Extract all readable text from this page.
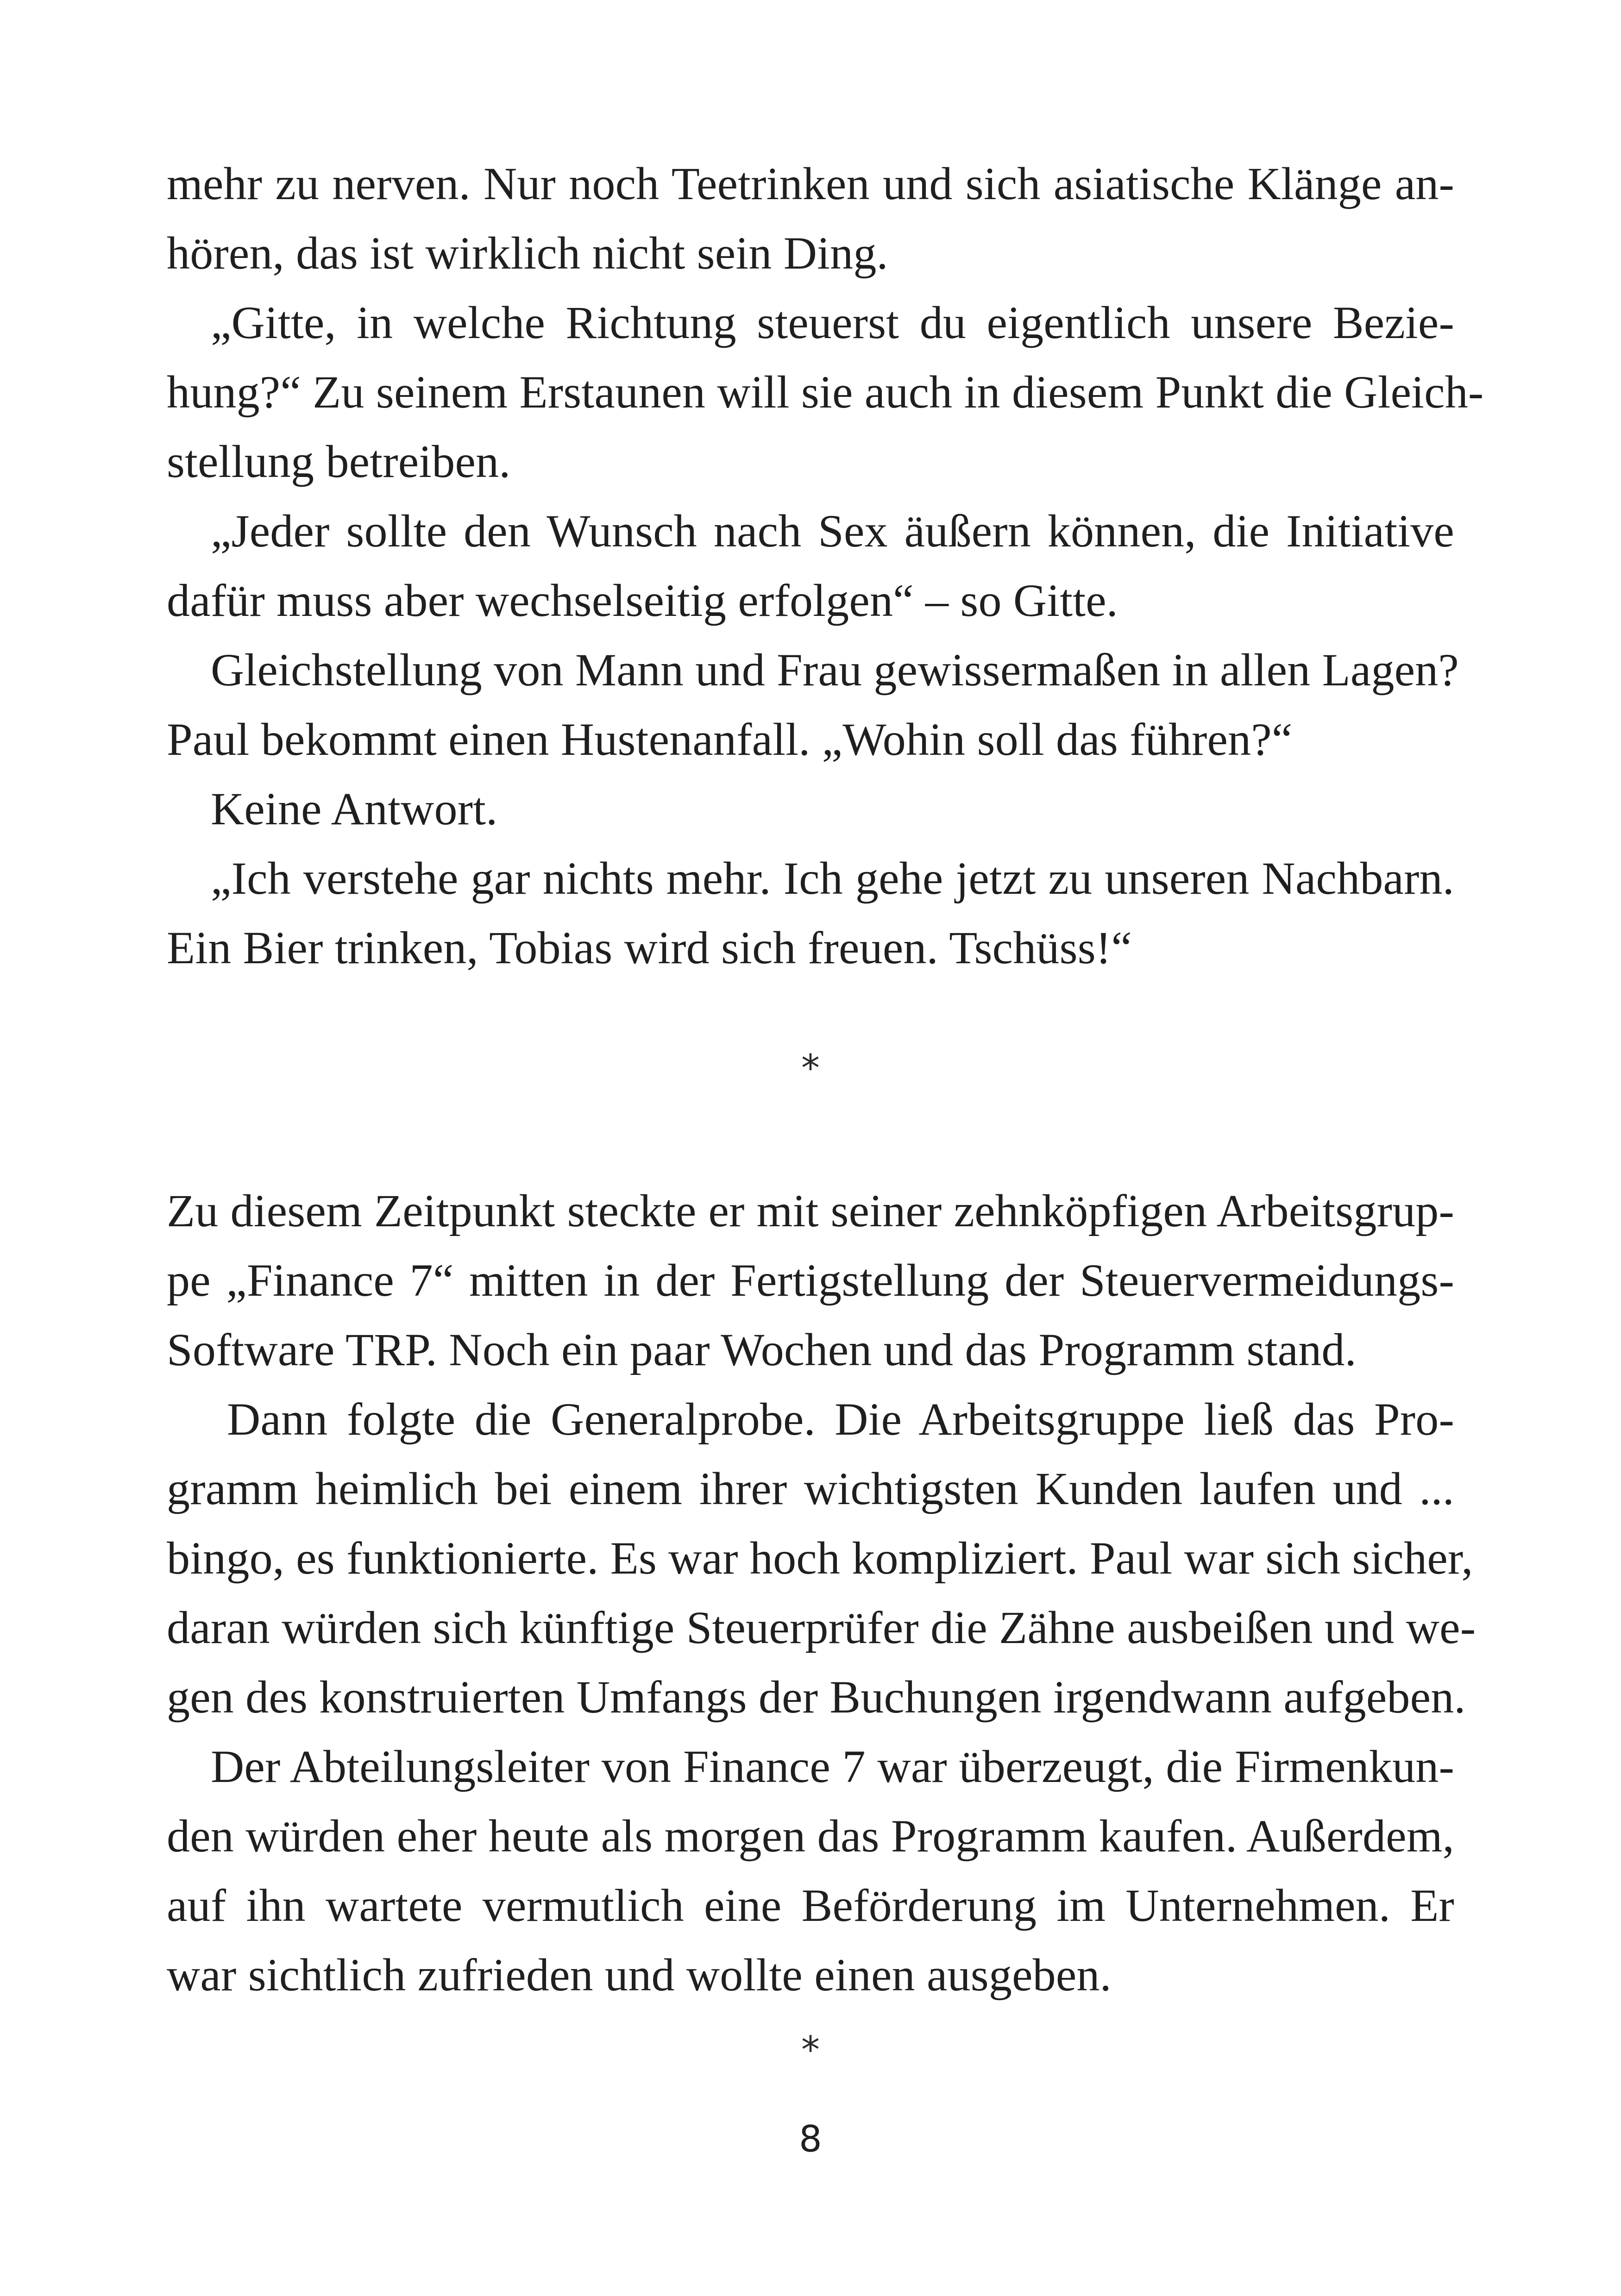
mehr zu nerven. Nur noch Teetrinken und sich asiatische Klänge an-
hören, das ist wirklich nicht sein Ding.
„Gitte, in welche Richtung steuerst du eigentlich unsere Bezie-
hung?“ Zu seinem Erstaunen will sie auch in diesem Punkt die Gleich-
stellung betreiben.
„Jeder sollte den Wunsch nach Sex äußern können, die Initiative
dafür muss aber wechselseitig erfolgen“ – so Gitte.
Gleichstellung von Mann und Frau gewissermaßen in allen Lagen?
Paul bekommt einen Hustenanfall. „Wohin soll das führen?“
Keine Antwort.
„Ich verstehe gar nichts mehr. Ich gehe jetzt zu unseren Nachbarn.
Ein Bier trinken, Tobias wird sich freuen. Tschüss!“
*
Zu diesem Zeitpunkt steckte er mit seiner zehnköpfigen Arbeitsgrup-
pe „Finance 7“ mitten in der Fertigstellung der Steuervermeidungs-
Software TRP. Noch ein paar Wochen und das Programm stand.
Dann folgte die Generalprobe. Die Arbeitsgruppe ließ das Pro-
gramm heimlich bei einem ihrer wichtigsten Kunden laufen und ...
bingo, es funktionierte. Es war hoch kompliziert. Paul war sich sicher,
daran würden sich künftige Steuerprüfer die Zähne ausbeißen und we-
gen des konstruierten Umfangs der Buchungen irgendwann aufgeben.
Der Abteilungsleiter von Finance 7 war überzeugt, die Firmenkun-
den würden eher heute als morgen das Programm kaufen. Außerdem,
auf ihn wartete vermutlich eine Beförderung im Unternehmen. Er
war sichtlich zufrieden und wollte einen ausgeben.
*
8
